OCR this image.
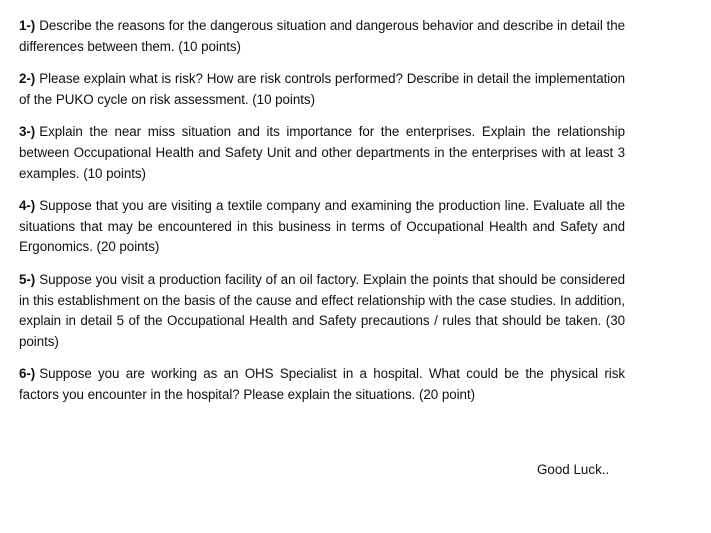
1-) Describe the reasons for the dangerous situation and dangerous behavior and describe in detail the differences between them. (10 points)

2-) Please explain what is risk? How are risk controls performed? Describe in detail the implementation of the PUKO cycle on risk assessment. (10 points)

3-) Explain the near miss situation and its importance for the enterprises. Explain the relationship between Occupational Health and Safety Unit and other departments in the enterprises with at least 3 examples. (10 points)

4-) Suppose that you are visiting a textile company and examining the production line. Evaluate all the situations that may be encountered in this business in terms of Occupational Health and Safety and Ergonomics. (20 points)

5-) Suppose you visit a production facility of an oil factory. Explain the points that should be considered in this establishment on the basis of the cause and effect relationship with the case studies. In addition, explain in detail 5 of the Occupational Health and Safety precautions / rules that should be taken. (30 points)

6-) Suppose you are working as an OHS Specialist in a hospital. What could be the physical risk factors you encounter in the hospital? Please explain the situations. (20 point)

Good Luck..
